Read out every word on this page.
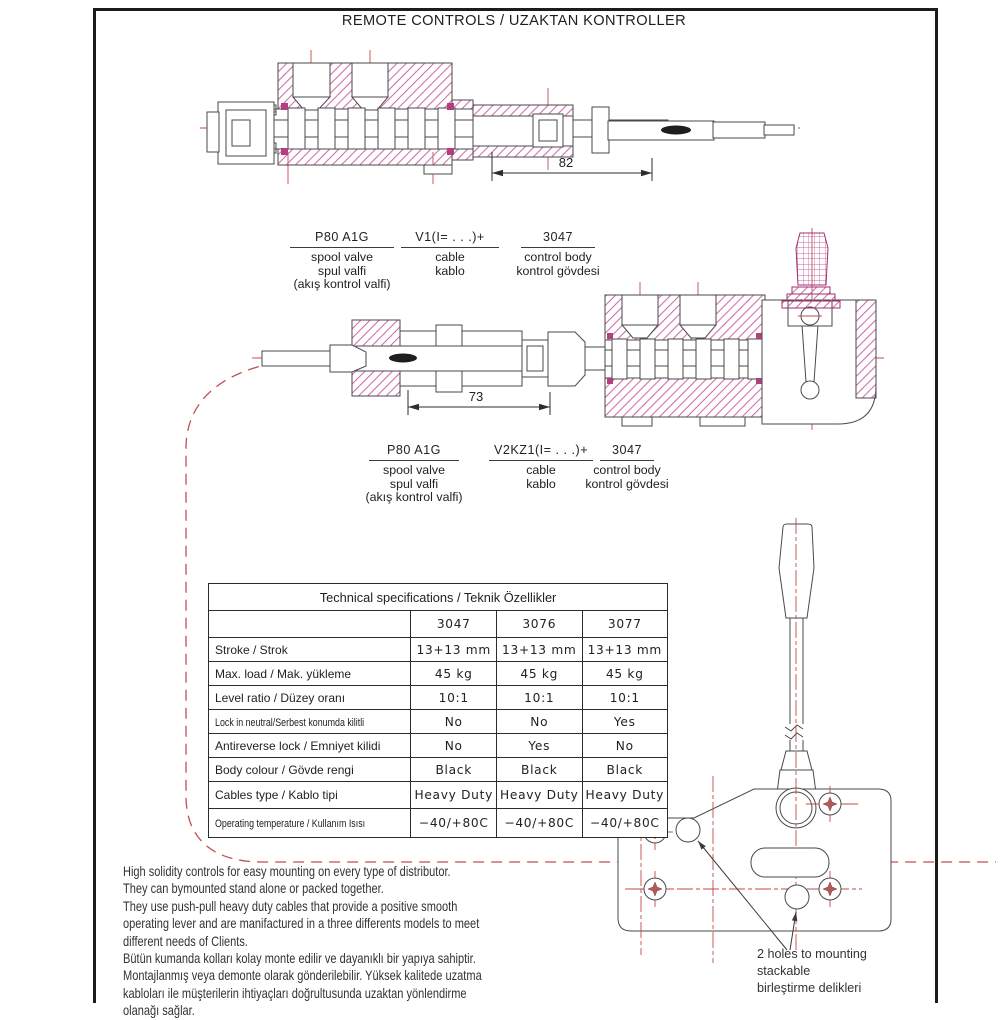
82
73
REMOTE CONTROLS / UZAKTAN KONTROLLER
P80 A1G
spool valve
spul valfi
(akış kontrol valfi)
V1(I= . . .)+
cable
kablo
3047
control body
kontrol gövdesi
P80 A1G
spool valve
spul valfi
(akış kontrol valfi)
V2KZ1(I= . . .)+
cable
kablo
3047
control body
kontrol gövdesi
Technical specifications / Teknik Özellikler			
	3047	3076	3077
Stroke / Strok	13+13 mm	13+13 mm	13+13 mm
Max. load / Mak. yükleme	45 kg	45 kg	45 kg
Level ratio / Düzey oranı	10:1	10:1	10:1
Lock in neutral/Serbest konumda kilitli	No	No	Yes
Antireverse lock / Emniyet kilidi	No	Yes	No
Body colour / Gövde rengi	Black	Black	Black
Cables type / Kablo tipi	Heavy Duty	Heavy Duty	Heavy Duty
Operating temperature / Kullanım Isısı	−40/+80C	−40/+80C	−40/+80C
High solidity controls for easy mounting on every type of distributor.
They can bymounted stand alone or packed together.
They use push-pull heavy duty cables that provide a positive smooth
operating lever and are manifactured in a three differents models to meet
different needs of Clients.
Bütün kumanda kolları kolay monte edilir ve dayanıklı bir yapıya sahiptir.
Montajlanmış veya demonte olarak gönderilebilir. Yüksek kalitede uzatma
kabloları ile müşterilerin ihtiyaçları doğrultusunda uzaktan yönlendirme
olanağı sağlar.
2 holes to mounting
stackable
birleştirme delikleri
